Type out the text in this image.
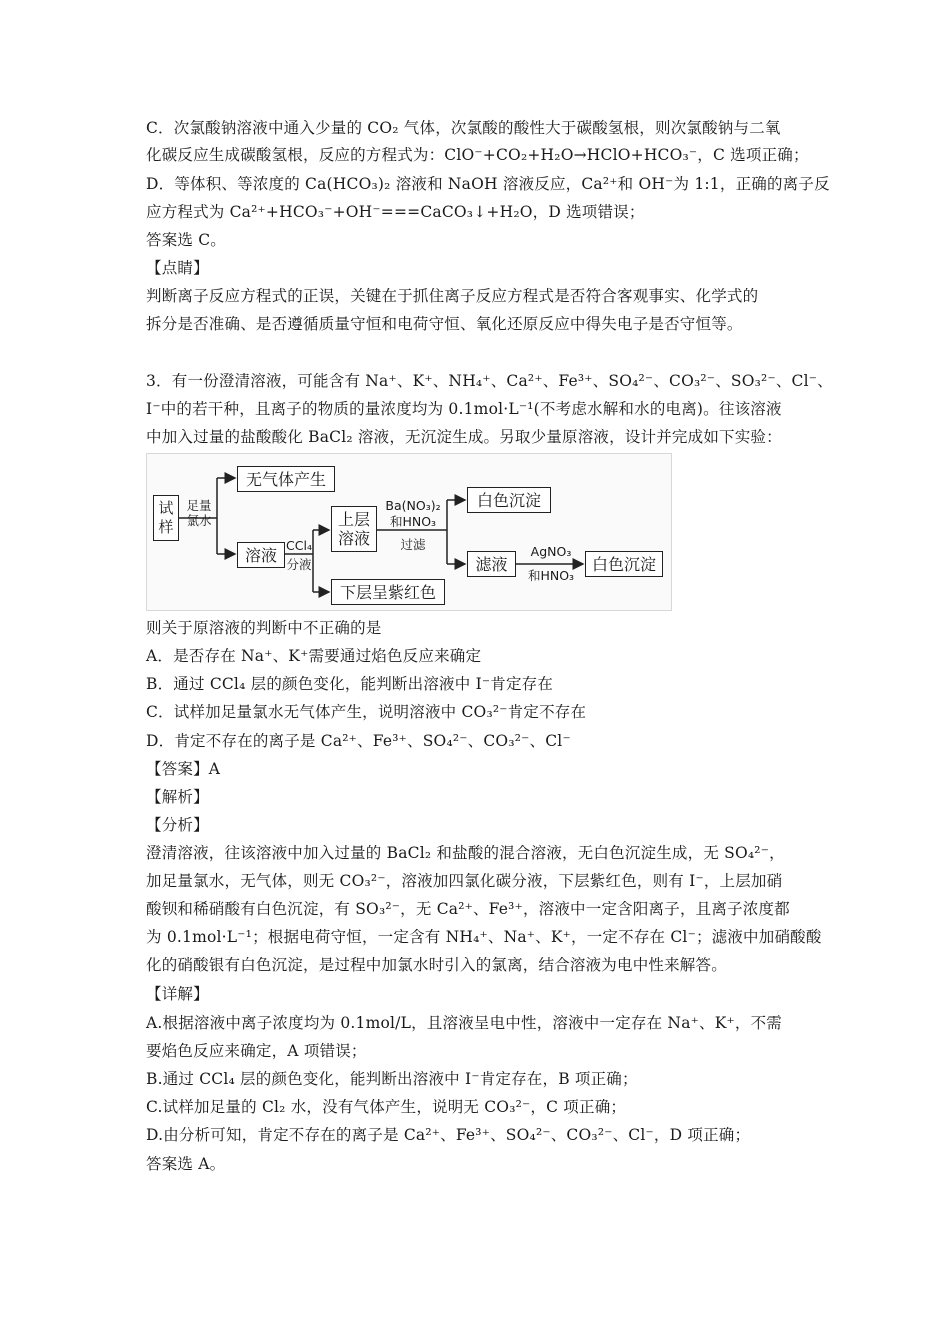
C．次氯酸钠溶液中通入少量的 CO₂ 气体，次氯酸的酸性大于碳酸氢根，则次氯酸钠与二氧
化碳反应生成碳酸氢根，反应的方程式为：ClO⁻+CO₂+H₂O→HClO+HCO₃⁻，C 选项正确；
D．等体积、等浓度的 Ca(HCO₃)₂ 溶液和 NaOH 溶液反应，Ca²⁺和 OH⁻为 1:1，正确的离子反
应方程式为 Ca²⁺+HCO₃⁻+OH⁻===CaCO₃↓+H₂O，D 选项错误；
答案选 C。
【点睛】
判断离子反应方程式的正误，关键在于抓住离子反应方程式是否符合客观事实、化学式的
拆分是否准确、是否遵循质量守恒和电荷守恒、氧化还原反应中得失电子是否守恒等。
3．有一份澄清溶液，可能含有 Na⁺、K⁺、NH₄⁺、Ca²⁺、Fe³⁺、SO₄²⁻、CO₃²⁻、SO₃²⁻、Cl⁻、
I⁻中的若干种，且离子的物质的量浓度均为 0.1mol·L⁻¹(不考虑水解和水的电离)。往该溶液
中加入过量的盐酸酸化 BaCl₂ 溶液，无沉淀生成。另取少量原溶液，设计并完成如下实验：
试样
足量氯水
无气体产生
溶液 CCl₄
分液
上层溶液
下层呈紫红色
Ba(NO₃)₂
和HNO₃
过滤
白色沉淀
滤液
AgNO₃
和HNO₃
白色沉淀
则关于原溶液的判断中不正确的是
A．是否存在 Na⁺、K⁺需要通过焰色反应来确定
B．通过 CCl₄ 层的颜色变化，能判断出溶液中 I⁻肯定存在
C．试样加足量氯水无气体产生，说明溶液中 CO₃²⁻肯定不存在
D．肯定不存在的离子是 Ca²⁺、Fe³⁺、SO₄²⁻、CO₃²⁻、Cl⁻
【答案】A
【解析】
【分析】
澄清溶液，往该溶液中加入过量的 BaCl₂ 和盐酸的混合溶液，无白色沉淀生成，无 SO₄²⁻，
加足量氯水，无气体，则无 CO₃²⁻，溶液加四氯化碳分液，下层紫红色，则有 I⁻，上层加硝
酸钡和稀硝酸有白色沉淀，有 SO₃²⁻，无 Ca²⁺、Fe³⁺，溶液中一定含阳离子，且离子浓度都
为 0.1mol·L⁻¹；根据电荷守恒，一定含有 NH₄⁺、Na⁺、K⁺，一定不存在 Cl⁻；滤液中加硝酸酸
化的硝酸银有白色沉淀，是过程中加氯水时引入的氯离，结合溶液为电中性来解答。
【详解】
A.根据溶液中离子浓度均为 0.1mol/L，且溶液呈电中性，溶液中一定存在 Na⁺、K⁺，不需
要焰色反应来确定，A 项错误；
B.通过 CCl₄ 层的颜色变化，能判断出溶液中 I⁻肯定存在，B 项正确；
C.试样加足量的 Cl₂ 水，没有气体产生，说明无 CO₃²⁻，C 项正确；
D.由分析可知，肯定不存在的离子是 Ca²⁺、Fe³⁺、SO₄²⁻、CO₃²⁻、Cl⁻，D 项正确；
答案选 A。
